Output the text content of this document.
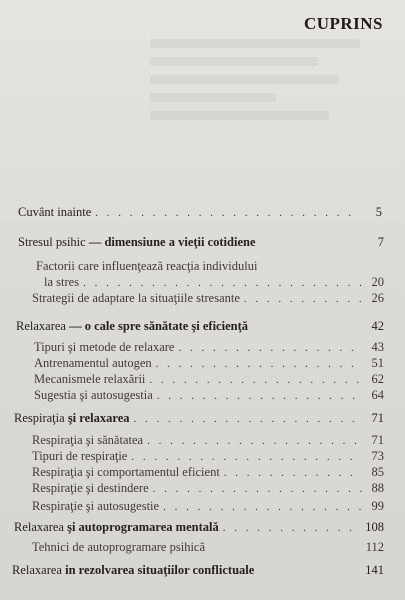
CUPRINS
Cuvânt inainte . . .	5
Stresul psihic — dimensiune a vieţii cotidiene	7
Factorii care influenţează reacţia individului
la stres . . .	20
Strategii de adaptare la situaţiile stresante . . .	26
Relaxarea — o cale spre sănătate şi eficienţă	42
Tipuri şi metode de relaxare . . .	43
Antrenamentul autogen . . .	51
Mecanismele relaxării . . .	62
Sugestia şi autosugestia . . .	64
Respiraţia şi relaxarea . . .	71
Respiraţia şi sănătatea . . .	71
Tipuri de respiraţie . . .	73
Respiraţia şi comportamentul eficient . . .	85
Respiraţie şi destindere . . .	88
Respiraţie şi autosugestie . . .	99
Relaxarea şi autoprogramarea mentală . . .	108
Tehnici de autoprogramare psihică	112
Relaxarea in rezolvarea situaţiilor conflictuale	141
